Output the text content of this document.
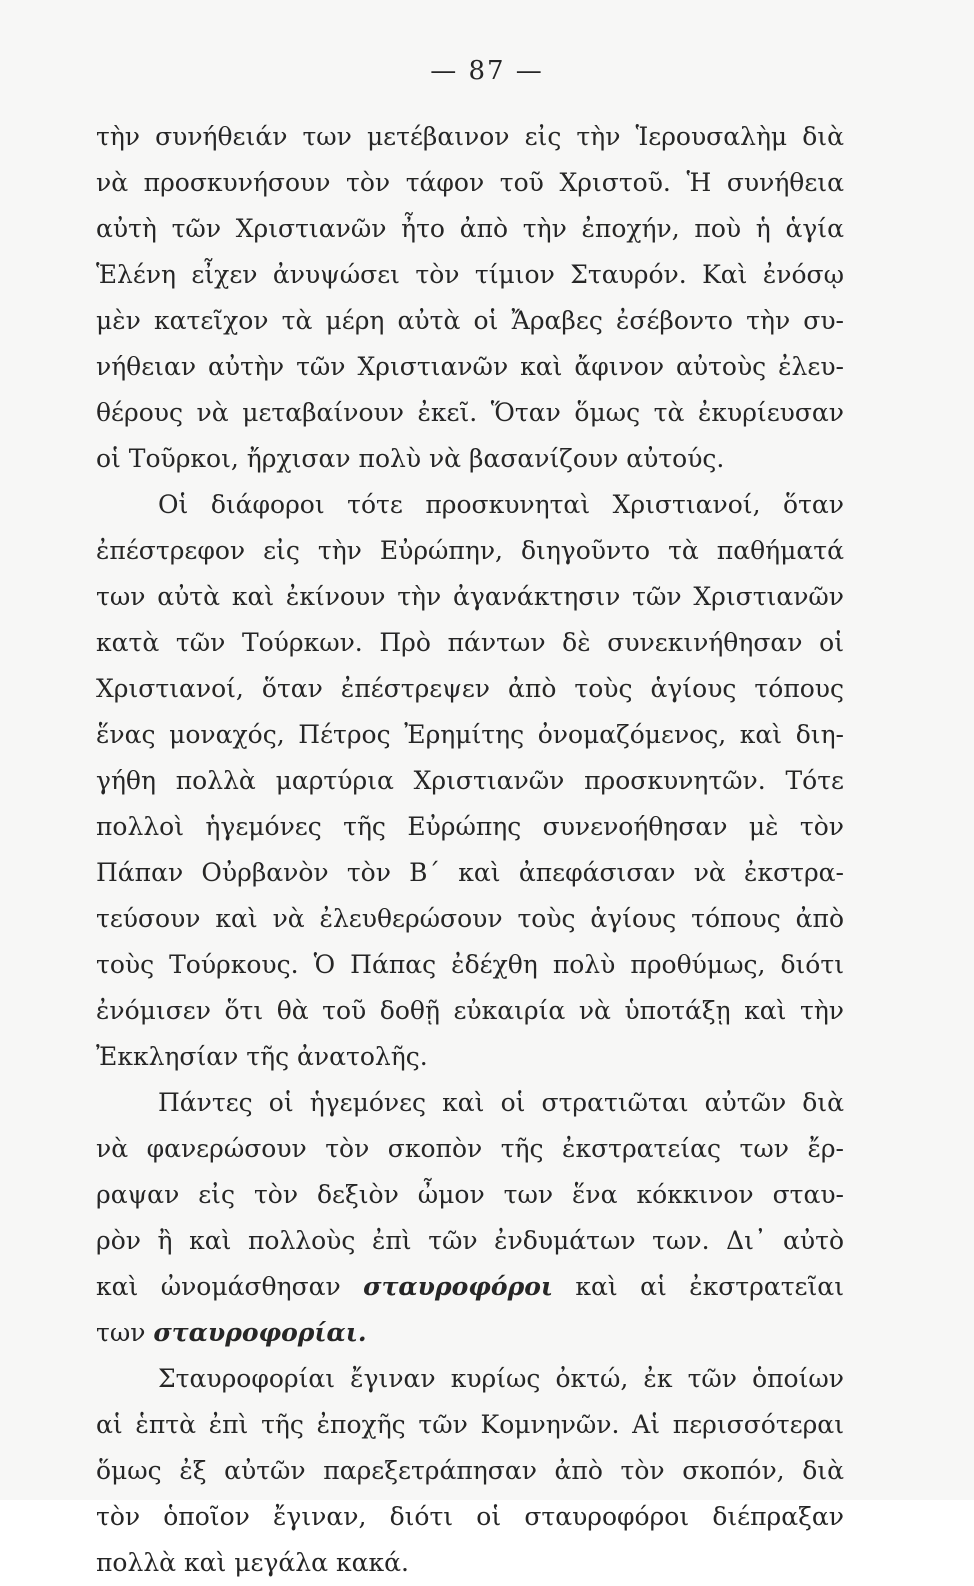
— 87 —
τὴν συνήθειάν των μετέβαινον εἰς τὴν Ἱερουσαλὴμ διὰ
νὰ προσκυνήσουν τὸν τάφον τοῦ Χριστοῦ. Ἡ συνήθεια
αὐτὴ τῶν Χριστιανῶν ἦτο ἀπὸ τὴν ἐποχήν, ποὺ ἡ ἁγία
Ἑλένη εἶχεν ἀνυψώσει τὸν τίμιον Σταυρόν. Καὶ ἐνόσῳ
μὲν κατεῖχον τὰ μέρη αὐτὰ οἱ Ἄραβες ἐσέβοντο τὴν συ-
νήθειαν αὐτὴν τῶν Χριστιανῶν καὶ ἄφινον αὐτοὺς ἐλευ-
θέρους νὰ μεταβαίνουν ἐκεῖ. Ὅταν ὅμως τὰ ἐκυρίευσαν
οἱ Τοῦρκοι, ἤρχισαν πολὺ νὰ βασανίζουν αὐτούς.
Οἱ διάφοροι τότε προσκυνηταὶ Χριστιανοί, ὅταν
ἐπέστρεφον εἰς τὴν Εὐρώπην, διηγοῦντο τὰ παθήματά
των αὐτὰ καὶ ἐκίνουν τὴν ἀγανάκτησιν τῶν Χριστιανῶν
κατὰ τῶν Τούρκων. Πρὸ πάντων δὲ συνεκινήθησαν οἱ
Χριστιανοί, ὅταν ἐπέστρεψεν ἀπὸ τοὺς ἁγίους τόπους
ἕνας μοναχός, Πέτρος Ἐρημίτης ὀνομαζόμενος, καὶ διη-
γήθη πολλὰ μαρτύρια Χριστιανῶν προσκυνητῶν. Τότε
πολλοὶ ἡγεμόνες τῆς Εὐρώπης συνενοήθησαν μὲ τὸν
Πάπαν Οὐρβανὸν τὸν Β΄ καὶ ἀπεφάσισαν νὰ ἐκστρα-
τεύσουν καὶ νὰ ἐλευθερώσουν τοὺς ἁγίους τόπους ἀπὸ
τοὺς Τούρκους. Ὁ Πάπας ἐδέχθη πολὺ προθύμως, διότι
ἐνόμισεν ὅτι θὰ τοῦ δοθῇ εὐκαιρία νὰ ὑποτάξῃ καὶ τὴν
Ἐκκλησίαν τῆς ἀνατολῆς.
Πάντες οἱ ἡγεμόνες καὶ οἱ στρατιῶται αὐτῶν διὰ
νὰ φανερώσουν τὸν σκοπὸν τῆς ἐκστρατείας των ἔρ-
ραψαν εἰς τὸν δεξιὸν ὦμον των ἕνα κόκκινον σταυ-
ρὸν ἢ καὶ πολλοὺς ἐπὶ τῶν ἐνδυμάτων των. Δι᾿ αὐτὸ
καὶ ὠνομάσθησαν σταυροφόροι καὶ αἱ ἐκστρατεῖαι
των σταυροφορίαι.
Σταυροφορίαι ἔγιναν κυρίως ὀκτώ, ἐκ τῶν ὁποίων
αἱ ἑπτὰ ἐπὶ τῆς ἐποχῆς τῶν Κομνηνῶν. Αἱ περισσότεραι
ὅμως ἐξ αὐτῶν παρεξετράπησαν ἀπὸ τὸν σκοπόν, διὰ
τὸν ὁποῖον ἔγιναν, διότι οἱ σταυροφόροι διέπραξαν
πολλὰ καὶ μεγάλα κακά.
